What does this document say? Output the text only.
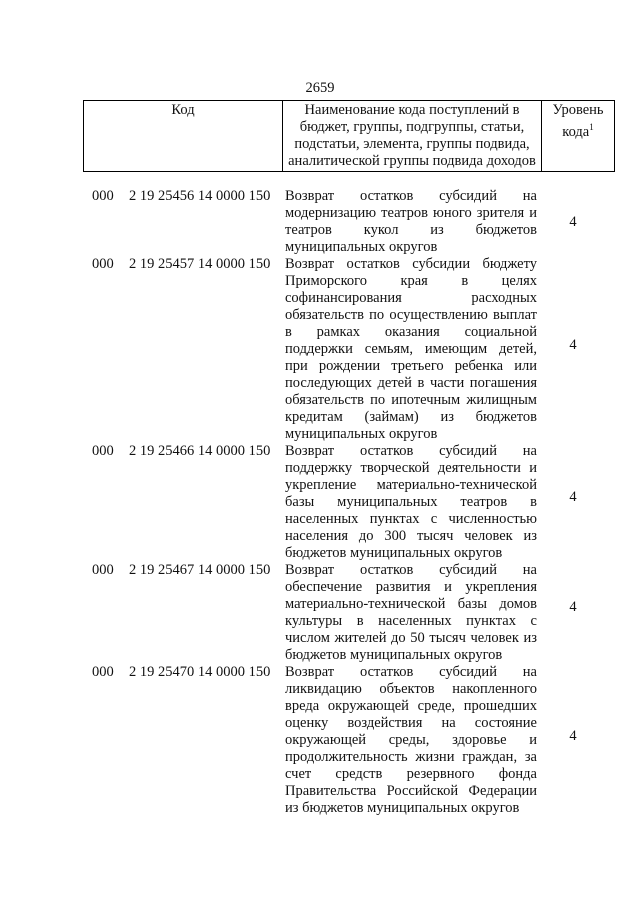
2659
Код	Наименование кода поступлений в бюджет, группы, подгруппы, статьи, подстатьи, элемента, группы подвида, аналитической группы подвида доходов	Уровень кода$^1$
000 2 19 25456 14 0000 150 Возврат остатков субсидий на модернизацию театров юного зрителя и театров кукол из бюджетов муниципальных округов
4
000 2 19 25457 14 0000 150 Возврат остатков субсидии бюджету Приморского края в целях софинансирования расходных обязательств по осуществлению выплат в рамках оказания социальной поддержки семьям, имеющим детей, при рождении третьего ребенка или последующих детей в части погашения обязательств по ипотечным жилищным кредитам (займам) из бюджетов муниципальных округов
4
000 2 19 25466 14 0000 150 Возврат остатков субсидий на поддержку творческой деятельности и укрепление материально-технической базы муниципальных театров в населенных пунктах с численностью населения до 300 тысяч человек из бюджетов муниципальных округов
4
000 2 19 25467 14 0000 150 Возврат остатков субсидий на обеспечение развития и укрепления материально-технической базы домов культуры в населенных пунктах с числом жителей до 50 тысяч человек из бюджетов муниципальных округов
4
000 2 19 25470 14 0000 150 Возврат остатков субсидий на ликвидацию объектов накопленного вреда окружающей среде, прошедших оценку воздействия на состояние окружающей среды, здоровье и продолжительность жизни граждан, за счет средств резервного фонда Правительства Российской Федерации из бюджетов муниципальных округов
4
